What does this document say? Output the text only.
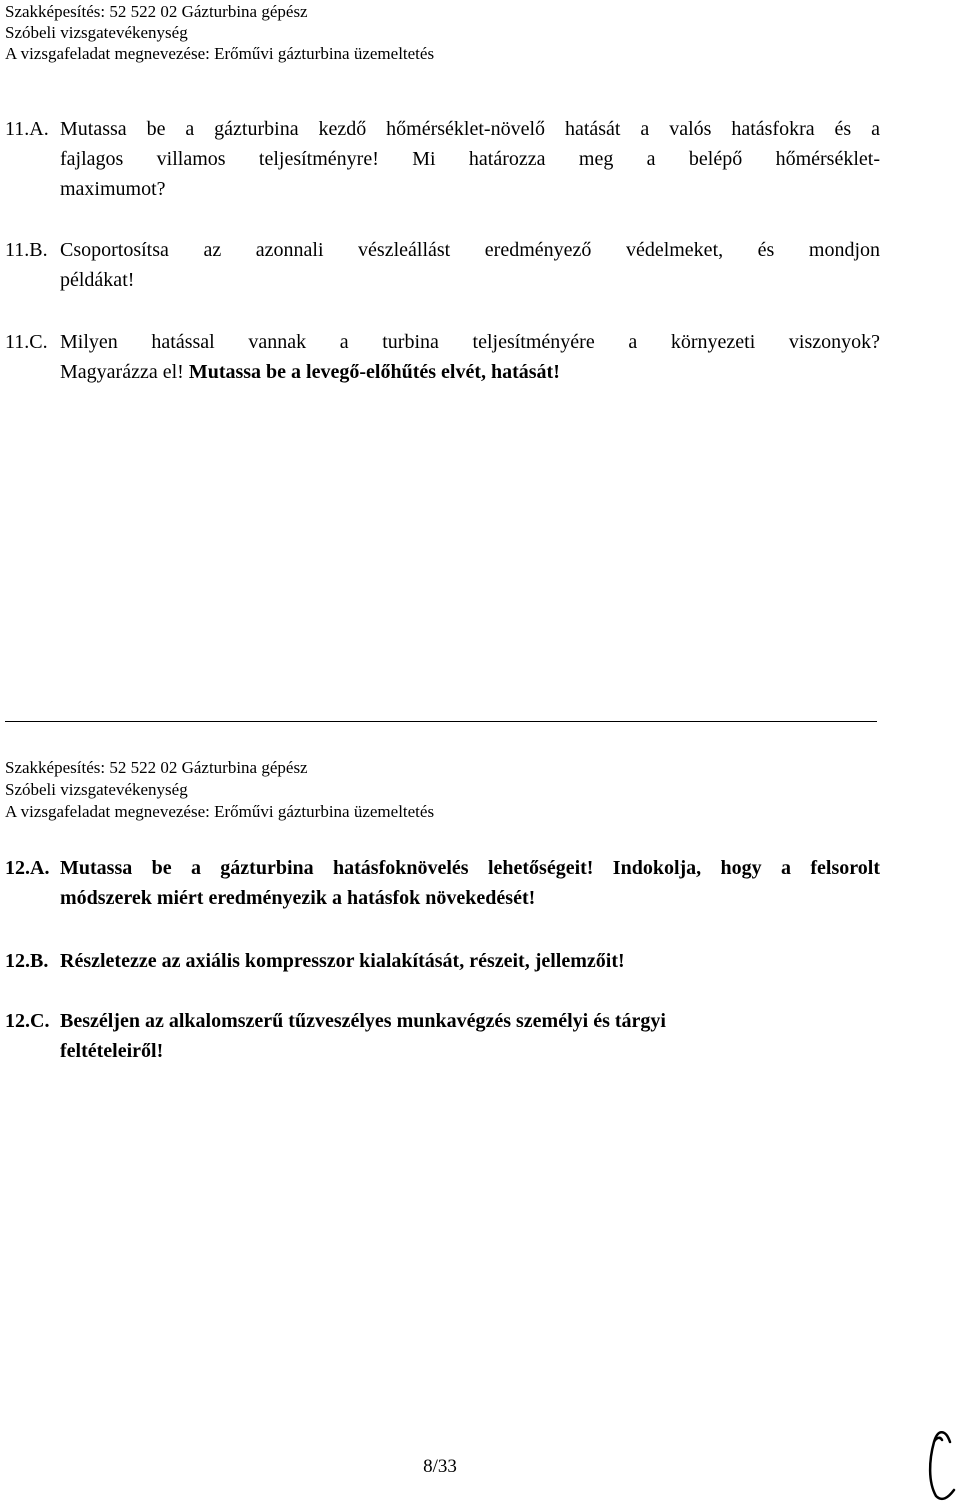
Szakképesítés: 52 522 02 Gázturbina gépész
Szóbeli vizsgatevékenység
A vizsgafeladat megnevezése: Erőművi gázturbina üzemeltetés
11.A. Mutassa be a gázturbina kezdő hőmérséklet-növelő hatását a valós hatásfokra és a
fajlagos villamos teljesítményre! Mi határozza meg a belépő hőmérséklet-
maximumot?
11.B. Csoportosítsa az azonnali vészleállást eredményező védelmeket, és mondjon
példákat!
11.C. Milyen hatással vannak a turbina teljesítményére a környezeti viszonyok?
Magyarázza el! Mutassa be a levegő-előhűtés elvét, hatását!
Szakképesítés: 52 522 02 Gázturbina gépész
Szóbeli vizsgatevékenység
A vizsgafeladat megnevezése: Erőművi gázturbina üzemeltetés
12.A. Mutassa be a gázturbina hatásfoknövelés lehetőségeit! Indokolja, hogy a felsorolt
módszerek miért eredményezik a hatásfok növekedését!
12.B. Részletezze az axiális kompresszor kialakítását, részeit, jellemzőit!
12.C. Beszéljen az alkalomszerű tűzveszélyes munkavégzés személyi és tárgyi
feltételeiről!
8/33
